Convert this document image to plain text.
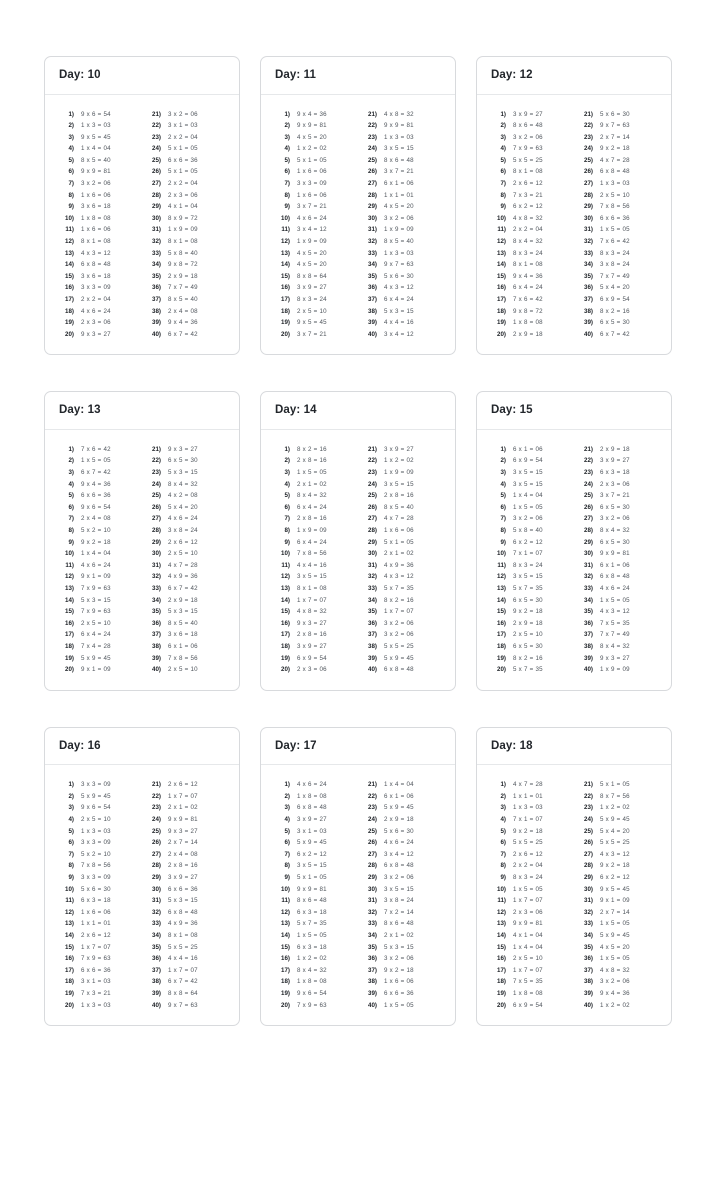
Day: 10
1)	9 x 6 = 54
2)	1 x 3 = 03
3)	9 x 5 = 45
4)	1 x 4 = 04
5)	8 x 5 = 40
6)	9 x 9 = 81
7)	3 x 2 = 06
8)	1 x 6 = 06
9)	3 x 6 = 18
10)	1 x 8 = 08
11)	1 x 6 = 06
12)	8 x 1 = 08
13)	4 x 3 = 12
14)	6 x 8 = 48
15)	3 x 6 = 18
16)	3 x 3 = 09
17)	2 x 2 = 04
18)	4 x 6 = 24
19)	2 x 3 = 06
20)	9 x 3 = 27
21)	3 x 2 = 06
22)	3 x 1 = 03
23)	2 x 2 = 04
24)	5 x 1 = 05
25)	6 x 6 = 36
26)	5 x 1 = 05
27)	2 x 2 = 04
28)	2 x 3 = 06
29)	4 x 1 = 04
30)	8 x 9 = 72
31)	1 x 9 = 09
32)	8 x 1 = 08
33)	5 x 8 = 40
34)	9 x 8 = 72
35)	2 x 9 = 18
36)	7 x 7 = 49
37)	8 x 5 = 40
38)	2 x 4 = 08
39)	9 x 4 = 36
40)	6 x 7 = 42
Day: 11
1)	9 x 4 = 36
2)	9 x 9 = 81
3)	4 x 5 = 20
4)	1 x 2 = 02
5)	5 x 1 = 05
6)	1 x 6 = 06
7)	3 x 3 = 09
8)	1 x 6 = 06
9)	3 x 7 = 21
10)	4 x 6 = 24
11)	3 x 4 = 12
12)	1 x 9 = 09
13)	4 x 5 = 20
14)	4 x 5 = 20
15)	8 x 8 = 64
16)	3 x 9 = 27
17)	8 x 3 = 24
18)	2 x 5 = 10
19)	9 x 5 = 45
20)	3 x 7 = 21
21)	4 x 8 = 32
22)	9 x 9 = 81
23)	1 x 3 = 03
24)	3 x 5 = 15
25)	8 x 6 = 48
26)	3 x 7 = 21
27)	6 x 1 = 06
28)	1 x 1 = 01
29)	4 x 5 = 20
30)	3 x 2 = 06
31)	1 x 9 = 09
32)	8 x 5 = 40
33)	1 x 3 = 03
34)	9 x 7 = 63
35)	5 x 6 = 30
36)	4 x 3 = 12
37)	6 x 4 = 24
38)	5 x 3 = 15
39)	4 x 4 = 16
40)	3 x 4 = 12
Day: 12
1)	3 x 9 = 27
2)	8 x 6 = 48
3)	3 x 2 = 06
4)	7 x 9 = 63
5)	5 x 5 = 25
6)	8 x 1 = 08
7)	2 x 6 = 12
8)	7 x 3 = 21
9)	6 x 2 = 12
10)	4 x 8 = 32
11)	2 x 2 = 04
12)	8 x 4 = 32
13)	8 x 3 = 24
14)	8 x 1 = 08
15)	9 x 4 = 36
16)	6 x 4 = 24
17)	7 x 6 = 42
18)	9 x 8 = 72
19)	1 x 8 = 08
20)	2 x 9 = 18
21)	5 x 6 = 30
22)	9 x 7 = 63
23)	2 x 7 = 14
24)	9 x 2 = 18
25)	4 x 7 = 28
26)	6 x 8 = 48
27)	1 x 3 = 03
28)	2 x 5 = 10
29)	7 x 8 = 56
30)	6 x 6 = 36
31)	1 x 5 = 05
32)	7 x 6 = 42
33)	8 x 3 = 24
34)	3 x 8 = 24
35)	7 x 7 = 49
36)	5 x 4 = 20
37)	6 x 9 = 54
38)	8 x 2 = 16
39)	6 x 5 = 30
40)	6 x 7 = 42
Day: 13
1)	7 x 6 = 42
2)	1 x 5 = 05
3)	6 x 7 = 42
4)	9 x 4 = 36
5)	6 x 6 = 36
6)	9 x 6 = 54
7)	2 x 4 = 08
8)	5 x 2 = 10
9)	9 x 2 = 18
10)	1 x 4 = 04
11)	4 x 6 = 24
12)	9 x 1 = 09
13)	7 x 9 = 63
14)	5 x 3 = 15
15)	7 x 9 = 63
16)	2 x 5 = 10
17)	6 x 4 = 24
18)	7 x 4 = 28
19)	5 x 9 = 45
20)	9 x 1 = 09
21)	9 x 3 = 27
22)	6 x 5 = 30
23)	5 x 3 = 15
24)	8 x 4 = 32
25)	4 x 2 = 08
26)	5 x 4 = 20
27)	4 x 6 = 24
28)	3 x 8 = 24
29)	2 x 6 = 12
30)	2 x 5 = 10
31)	4 x 7 = 28
32)	4 x 9 = 36
33)	6 x 7 = 42
34)	2 x 9 = 18
35)	5 x 3 = 15
36)	8 x 5 = 40
37)	3 x 6 = 18
38)	6 x 1 = 06
39)	7 x 8 = 56
40)	2 x 5 = 10
Day: 14
1)	8 x 2 = 16
2)	2 x 8 = 16
3)	1 x 5 = 05
4)	2 x 1 = 02
5)	8 x 4 = 32
6)	6 x 4 = 24
7)	2 x 8 = 16
8)	1 x 9 = 09
9)	6 x 4 = 24
10)	7 x 8 = 56
11)	4 x 4 = 16
12)	3 x 5 = 15
13)	8 x 1 = 08
14)	1 x 7 = 07
15)	4 x 8 = 32
16)	9 x 3 = 27
17)	2 x 8 = 16
18)	3 x 9 = 27
19)	6 x 9 = 54
20)	2 x 3 = 06
21)	3 x 9 = 27
22)	1 x 2 = 02
23)	1 x 9 = 09
24)	3 x 5 = 15
25)	2 x 8 = 16
26)	8 x 5 = 40
27)	4 x 7 = 28
28)	1 x 6 = 06
29)	5 x 1 = 05
30)	2 x 1 = 02
31)	4 x 9 = 36
32)	4 x 3 = 12
33)	5 x 7 = 35
34)	8 x 2 = 16
35)	1 x 7 = 07
36)	3 x 2 = 06
37)	3 x 2 = 06
38)	5 x 5 = 25
39)	5 x 9 = 45
40)	6 x 8 = 48
Day: 15
1)	6 x 1 = 06
2)	6 x 9 = 54
3)	3 x 5 = 15
4)	3 x 5 = 15
5)	1 x 4 = 04
6)	1 x 5 = 05
7)	3 x 2 = 06
8)	5 x 8 = 40
9)	6 x 2 = 12
10)	7 x 1 = 07
11)	8 x 3 = 24
12)	3 x 5 = 15
13)	5 x 7 = 35
14)	6 x 5 = 30
15)	9 x 2 = 18
16)	2 x 9 = 18
17)	2 x 5 = 10
18)	6 x 5 = 30
19)	8 x 2 = 16
20)	5 x 7 = 35
21)	2 x 9 = 18
22)	3 x 9 = 27
23)	6 x 3 = 18
24)	2 x 3 = 06
25)	3 x 7 = 21
26)	6 x 5 = 30
27)	3 x 2 = 06
28)	8 x 4 = 32
29)	6 x 5 = 30
30)	9 x 9 = 81
31)	6 x 1 = 06
32)	6 x 8 = 48
33)	4 x 6 = 24
34)	1 x 5 = 05
35)	4 x 3 = 12
36)	7 x 5 = 35
37)	7 x 7 = 49
38)	8 x 4 = 32
39)	9 x 3 = 27
40)	1 x 9 = 09
Day: 16
1)	3 x 3 = 09
2)	5 x 9 = 45
3)	9 x 6 = 54
4)	2 x 5 = 10
5)	1 x 3 = 03
6)	3 x 3 = 09
7)	5 x 2 = 10
8)	7 x 8 = 56
9)	3 x 3 = 09
10)	5 x 6 = 30
11)	6 x 3 = 18
12)	1 x 6 = 06
13)	1 x 1 = 01
14)	2 x 6 = 12
15)	1 x 7 = 07
16)	7 x 9 = 63
17)	6 x 6 = 36
18)	3 x 1 = 03
19)	7 x 3 = 21
20)	1 x 3 = 03
21)	2 x 6 = 12
22)	1 x 7 = 07
23)	2 x 1 = 02
24)	9 x 9 = 81
25)	9 x 3 = 27
26)	2 x 7 = 14
27)	2 x 4 = 08
28)	2 x 8 = 16
29)	3 x 9 = 27
30)	6 x 6 = 36
31)	5 x 3 = 15
32)	6 x 8 = 48
33)	4 x 9 = 36
34)	8 x 1 = 08
35)	5 x 5 = 25
36)	4 x 4 = 16
37)	1 x 7 = 07
38)	6 x 7 = 42
39)	8 x 8 = 64
40)	9 x 7 = 63
Day: 17
1)	4 x 6 = 24
2)	1 x 8 = 08
3)	6 x 8 = 48
4)	3 x 9 = 27
5)	3 x 1 = 03
6)	5 x 9 = 45
7)	6 x 2 = 12
8)	3 x 5 = 15
9)	5 x 1 = 05
10)	9 x 9 = 81
11)	8 x 6 = 48
12)	6 x 3 = 18
13)	5 x 7 = 35
14)	1 x 5 = 05
15)	6 x 3 = 18
16)	1 x 2 = 02
17)	8 x 4 = 32
18)	1 x 8 = 08
19)	9 x 6 = 54
20)	7 x 9 = 63
21)	1 x 4 = 04
22)	6 x 1 = 06
23)	5 x 9 = 45
24)	2 x 9 = 18
25)	5 x 6 = 30
26)	4 x 6 = 24
27)	3 x 4 = 12
28)	6 x 8 = 48
29)	3 x 2 = 06
30)	3 x 5 = 15
31)	3 x 8 = 24
32)	7 x 2 = 14
33)	8 x 6 = 48
34)	2 x 1 = 02
35)	5 x 3 = 15
36)	3 x 2 = 06
37)	9 x 2 = 18
38)	1 x 6 = 06
39)	6 x 6 = 36
40)	1 x 5 = 05
Day: 18
1)	4 x 7 = 28
2)	1 x 1 = 01
3)	1 x 3 = 03
4)	7 x 1 = 07
5)	9 x 2 = 18
6)	5 x 5 = 25
7)	2 x 6 = 12
8)	2 x 2 = 04
9)	8 x 3 = 24
10)	1 x 5 = 05
11)	1 x 7 = 07
12)	2 x 3 = 06
13)	9 x 9 = 81
14)	4 x 1 = 04
15)	1 x 4 = 04
16)	2 x 5 = 10
17)	1 x 7 = 07
18)	7 x 5 = 35
19)	1 x 8 = 08
20)	6 x 9 = 54
21)	5 x 1 = 05
22)	8 x 7 = 56
23)	1 x 2 = 02
24)	5 x 9 = 45
25)	5 x 4 = 20
26)	5 x 5 = 25
27)	4 x 3 = 12
28)	9 x 2 = 18
29)	6 x 2 = 12
30)	9 x 5 = 45
31)	9 x 1 = 09
32)	2 x 7 = 14
33)	1 x 5 = 05
34)	5 x 9 = 45
35)	4 x 5 = 20
36)	1 x 5 = 05
37)	4 x 8 = 32
38)	3 x 2 = 06
39)	9 x 4 = 36
40)	1 x 2 = 02
